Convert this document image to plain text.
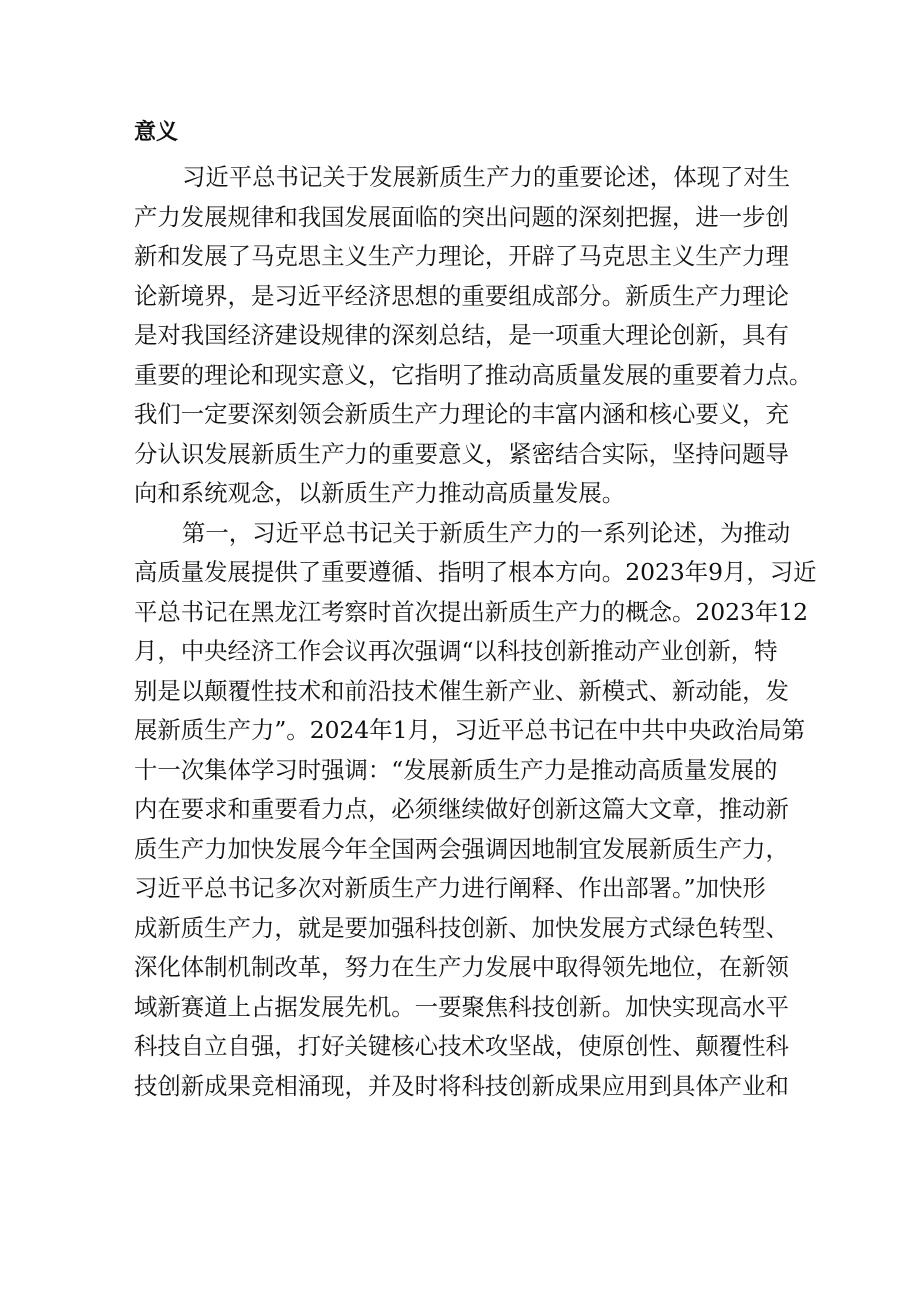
意义
习近平总书记关于发展新质生产力的重要论述，体现了对生
产力发展规律和我国发展面临的突出问题的深刻把握，进一步创
新和发展了马克思主义生产力理论，开辟了马克思主义生产力理
论新境界，是习近平经济思想的重要组成部分。新质生产力理论
是对我国经济建设规律的深刻总结，是一项重大理论创新，具有
重要的理论和现实意义，它指明了推动高质量发展的重要着力点。
我们一定要深刻领会新质生产力理论的丰富内涵和核心要义，充
分认识发展新质生产力的重要意义，紧密结合实际，坚持问题导
向和系统观念，以新质生产力推动高质量发展。
第一，习近平总书记关于新质生产力的一系列论述，为推动
高质量发展提供了重要遵循、指明了根本方向。2023年9月，习近
平总书记在黑龙江考察时首次提出新质生产力的概念。2023年12
月，中央经济工作会议再次强调“以科技创新推动产业创新，特
别是以颠覆性技术和前沿技术催生新产业、新模式、新动能，发
展新质生产力”。2024年1月，习近平总书记在中共中央政治局第
十一次集体学习时强调：“发展新质生产力是推动高质量发展的
内在要求和重要看力点，必须继续做好创新这篇大文章，推动新
质生产力加快发展今年全国两会强调因地制宜发展新质生产力，
习近平总书记多次对新质生产力进行阐释、作出部署。”加快形
成新质生产力，就是要加强科技创新、加快发展方式绿色转型、
深化体制机制改革，努力在生产力发展中取得领先地位，在新领
域新赛道上占据发展先机。一要聚焦科技创新。加快实现高水平
科技自立自强，打好关键核心技术攻坚战，使原创性、颠覆性科
技创新成果竞相涌现，并及时将科技创新成果应用到具体产业和
